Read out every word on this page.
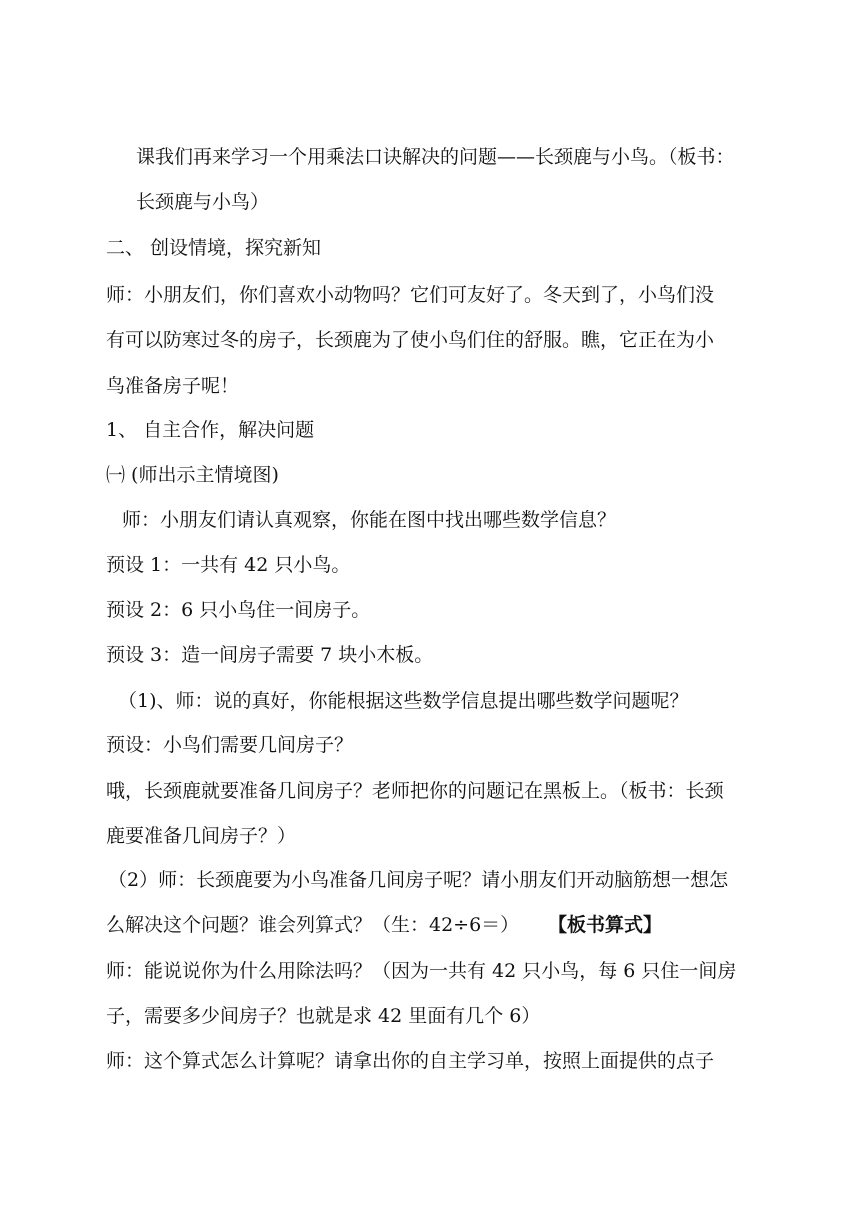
课我们再来学习一个用乘法口诀解决的问题——长颈鹿与小鸟。（板书：
长颈鹿与小鸟）
二、 创设情境，探究新知
师：小朋友们，你们喜欢小动物吗？它们可友好了。冬天到了，小鸟们没
有可以防寒过冬的房子，长颈鹿为了使小鸟们住的舒服。瞧，它正在为小
鸟准备房子呢！
1、 自主合作，解决问题
㈠ (师出示主情境图)
师：小朋友们请认真观察，你能在图中找出哪些数学信息？
预设 1：一共有 42 只小鸟。
预设 2：6 只小鸟住一间房子。
预设 3：造一间房子需要 7 块小木板。
（1)、师：说的真好，你能根据这些数学信息提出哪些数学问题呢？
预设：小鸟们需要几间房子？
哦，长颈鹿就要准备几间房子？老师把你的问题记在黑板上。（板书：长颈
鹿要准备几间房子？）
（2）师：长颈鹿要为小鸟准备几间房子呢？请小朋友们开动脑筋想一想怎
么解决这个问题？谁会列算式？（生：42÷6＝） 【板书算式】
师：能说说你为什么用除法吗？（因为一共有 42 只小鸟，每 6 只住一间房
子，需要多少间房子？也就是求 42 里面有几个 6）
师：这个算式怎么计算呢？请拿出你的自主学习单，按照上面提供的点子
